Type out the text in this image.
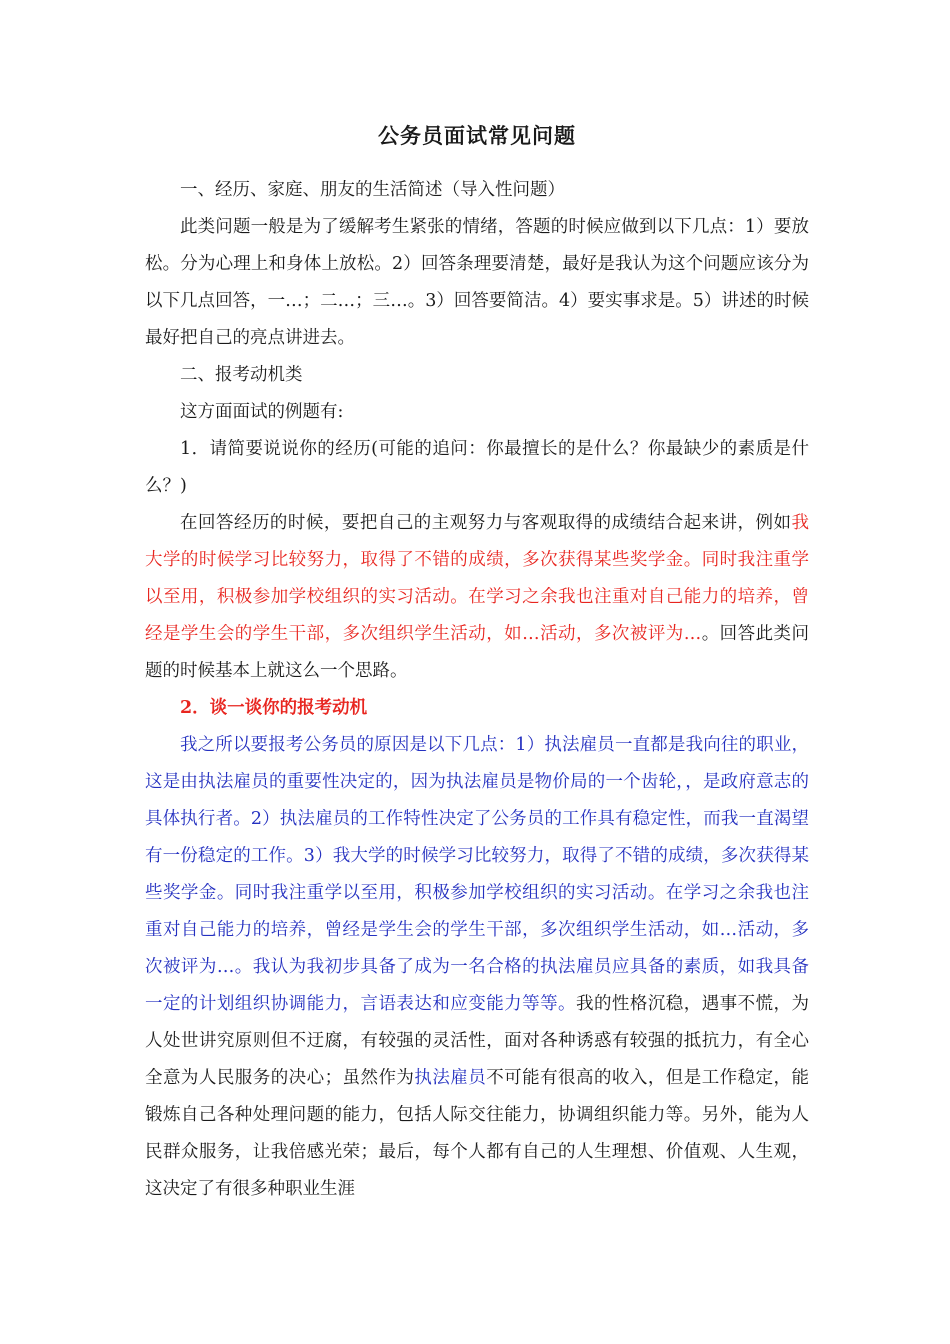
公务员面试常见问题

一、经历、家庭、朋友的生活简述（导入性问题）

此类问题一般是为了缓解考生紧张的情绪，答题的时候应做到以下几点：1）要放松。分为心理上和身体上放松。2）回答条理要清楚，最好是我认为这个问题应该分为以下几点回答，一…；二…；三…。3）回答要简洁。4）要实事求是。5）讲述的时候最好把自己的亮点讲进去。

二、报考动机类

这方面面试的例题有:

1．请简要说说你的经历(可能的追问：你最擅长的是什么？你最缺少的素质是什么？)

在回答经历的时候，要把自己的主观努力与客观取得的成绩结合起来讲，例如我大学的时候学习比较努力，取得了不错的成绩，多次获得某些奖学金。同时我注重学以至用，积极参加学校组织的实习活动。在学习之余我也注重对自己能力的培养，曾经是学生会的学生干部，多次组织学生活动，如…活动，多次被评为…。回答此类问题的时候基本上就这么一个思路。

2．谈一谈你的报考动机

我之所以要报考公务员的原因是以下几点：1）执法雇员一直都是我向往的职业，这是由执法雇员的重要性决定的，因为执法雇员是物价局的一个齿轮，，是政府意志的具体执行者。2）执法雇员的工作特性决定了公务员的工作具有稳定性，而我一直渴望有一份稳定的工作。3）我大学的时候学习比较努力，取得了不错的成绩，多次获得某些奖学金。同时我注重学以至用，积极参加学校组织的实习活动。在学习之余我也注重对自己能力的培养，曾经是学生会的学生干部，多次组织学生活动，如…活动，多次被评为…。我认为我初步具备了成为一名合格的执法雇员应具备的素质，如我具备一定的计划组织协调能力，言语表达和应变能力等等。我的性格沉稳，遇事不慌，为人处世讲究原则但不迂腐，有较强的灵活性，面对各种诱惑有较强的抵抗力，有全心全意为人民服务的决心；虽然作为执法雇员不可能有很高的收入，但是工作稳定，能锻炼自己各种处理问题的能力，包括人际交往能力，协调组织能力等。另外，能为人民群众服务，让我倍感光荣；最后，每个人都有自己的人生理想、价值观、人生观，这决定了有很多种职业生涯
